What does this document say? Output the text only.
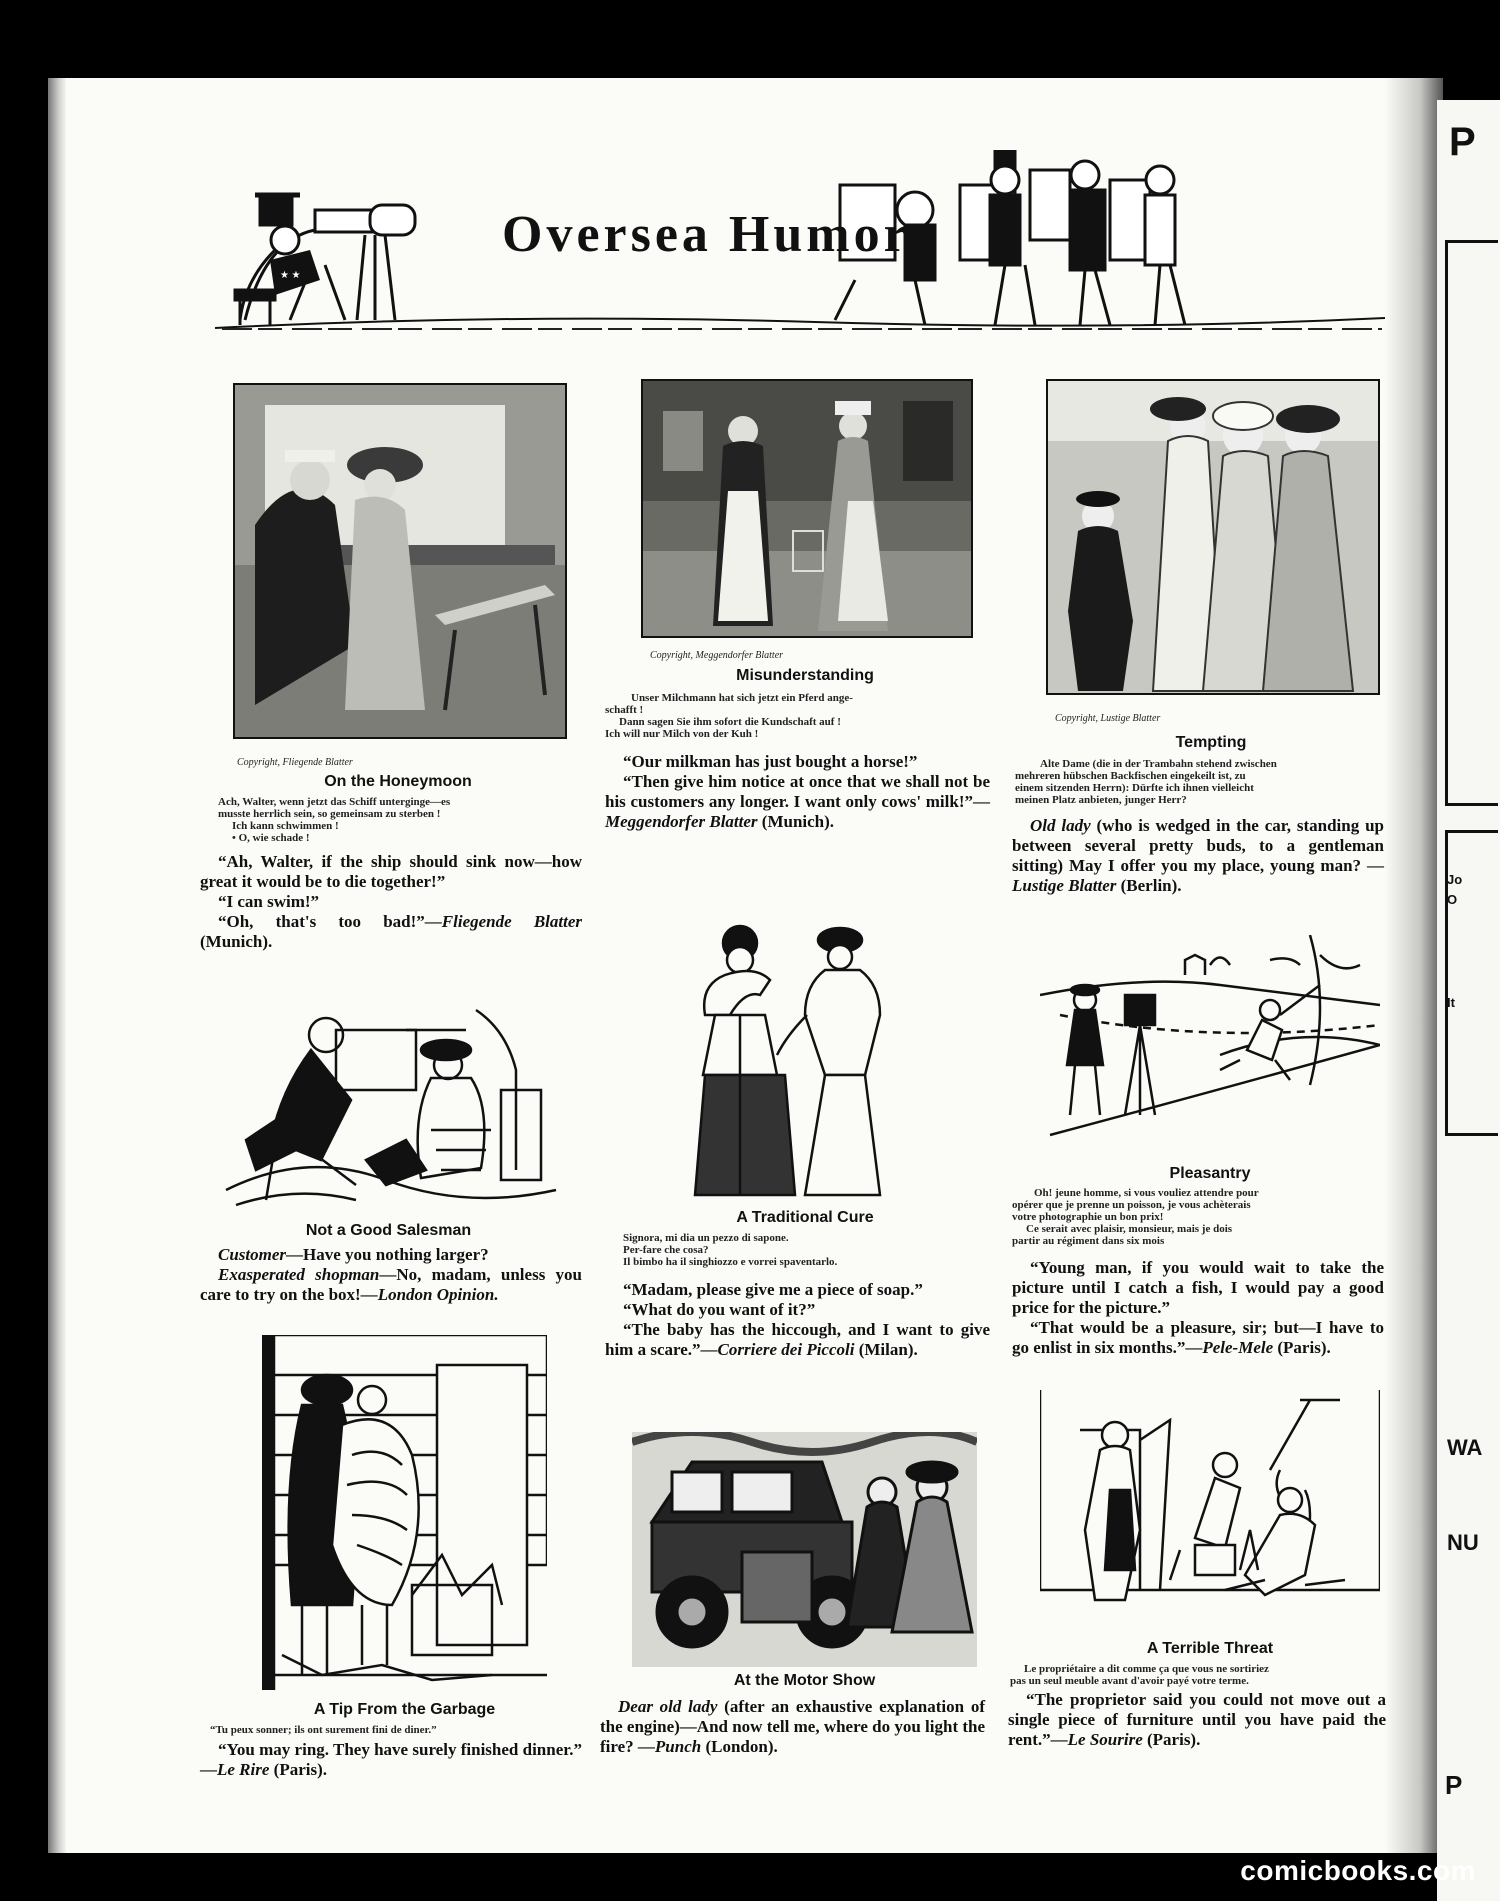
P
WA
NU
It
Jo
O
P
★ ★
Oversea Humor
Copyright, Fliegende Blatter
On the Honeymoon
Ach, Walter, wenn jetzt das Schiff unterginge—es
musste herrlich sein, so gemeinsam zu sterben !
Ich kann schwimmen !
• O, wie schade !

“Ah, Walter, if the ship should sink now—how great it would be to die together!”

“I can swim!”

“Oh, that's too bad!”—Fliegende Blatter (Munich).

Not a Good Salesman

Customer—Have you nothing larger?

Exasperated shopman—No, madam, unless you care to try on the box!—London Opinion.

A Tip From the Garbage
“Tu peux sonner; ils ont surement fini de diner.”

“You may ring. They have surely finished dinner.” —Le Rire (Paris).

Copyright, Meggendorfer Blatter
Misunderstanding
Unser Milchmann hat sich jetzt ein Pferd ange-
schafft !
Dann sagen Sie ihm sofort die Kundschaft auf !
Ich will nur Milch von der Kuh !

“Our milkman has just bought a horse!”

“Then give him notice at once that we shall not be his customers any longer. I want only cows' milk!”—Meggendorfer Blatter (Munich).

A Traditional Cure
Signora, mi dia un pezzo di sapone.
Per-fare che cosa?
Il bimbo ha il singhiozzo e vorrei spaventarlo.

“Madam, please give me a piece of soap.”

“What do you want of it?”

“The baby has the hiccough, and I want to give him a scare.”—Corriere dei Piccoli (Milan).

At the Motor Show

Dear old lady (after an exhaustive explanation of the engine)—And now tell me, where do you light the fire? —Punch (London).

Copyright, Lustige Blatter
Tempting
Alte Dame (die in der Trambahn stehend zwischen
mehreren hübschen Backfischen eingekeilt ist, zu
einem sitzenden Herrn): Dürfte ich ihnen vielleicht
meinen Platz anbieten, junger Herr?

Old lady (who is wedged in the car, standing up between several pretty buds, to a gentleman sitting) May I offer you my place, young man? —Lustige Blatter (Berlin).

Pleasantry
Oh! jeune homme, si vous vouliez attendre pour
opérer que je prenne un poisson, je vous achèterais
votre photographie un bon prix!
Ce serait avec plaisir, monsieur, mais je dois
partir au régiment dans six mois

“Young man, if you would wait to take the picture until I catch a fish, I would pay a good price for the picture.”

“That would be a pleasure, sir; but—I have to go enlist in six months.”—Pele-Mele (Paris).

A Terrible Threat
Le propriétaire a dit comme ça que vous ne sortiriez
pas un seul meuble avant d'avoir payé votre terme.

“The proprietor said you could not move out a single piece of furniture until you have paid the rent.”—Le Sourire (Paris).

comicbooks.com
